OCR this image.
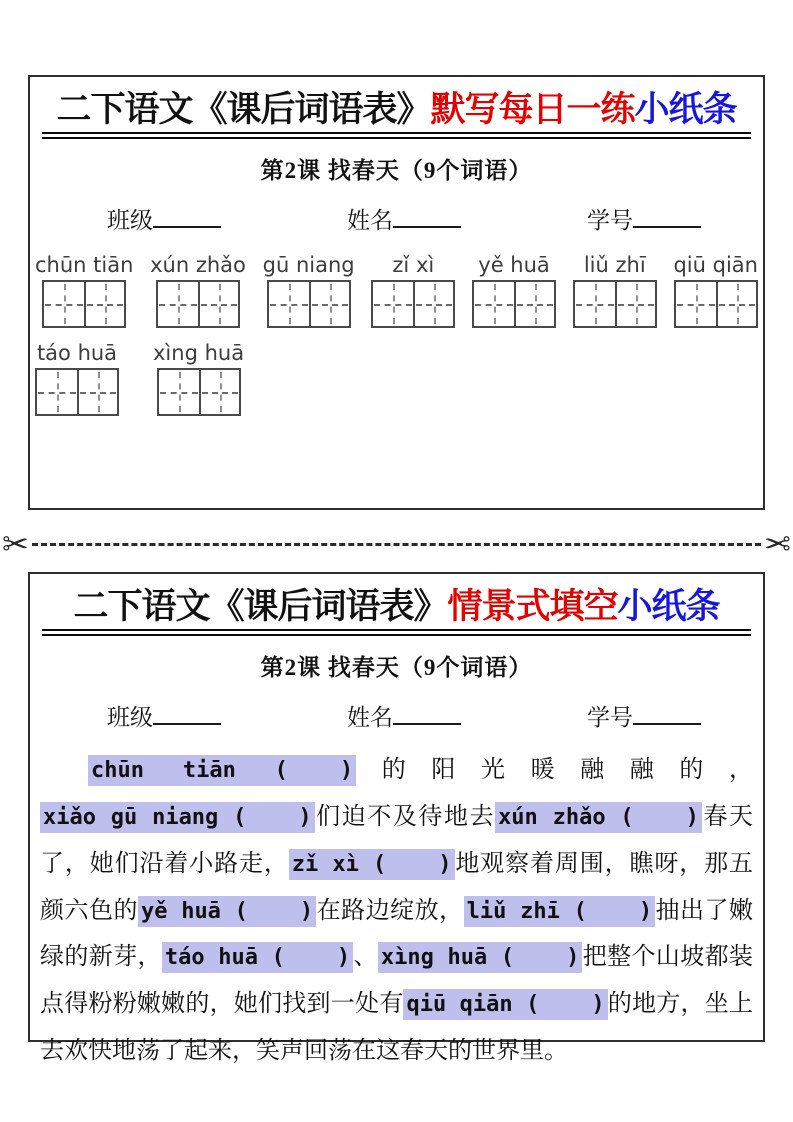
二下语文《课后词语表》默写每日一练小纸条
第2课 找春天（9个词语）
班级	姓名	学号
chūn tiān xún zhǎo gū niang zǐ xì yě huā liǔ zhī qiū qiān
táo huā xìng huā
✂	✂
二下语文《课后词语表》情景式填空小纸条
第2课 找春天（9个词语）
班级	姓名	学号

chūn tiān ( ) 的阳光暖融融的，xiǎo gū niang ( ) 们迫不及待地去 xún zhǎo ( ) 春天了，她们沿着小路走， zǐ xì ( ) 地观察着周围，瞧呀，那五颜六色的 yě huā ( ) 在路边绽放， liǔ zhī ( ) 抽出了嫩绿的新芽， táo huā ( ) 、 xìng huā ( ) 把整个山坡都装点得粉粉嫩嫩的，她们找到一处有 qiū qiān ( ) 的地方，坐上去欢快地荡了起来，笑声回荡在这春天的世界里。
